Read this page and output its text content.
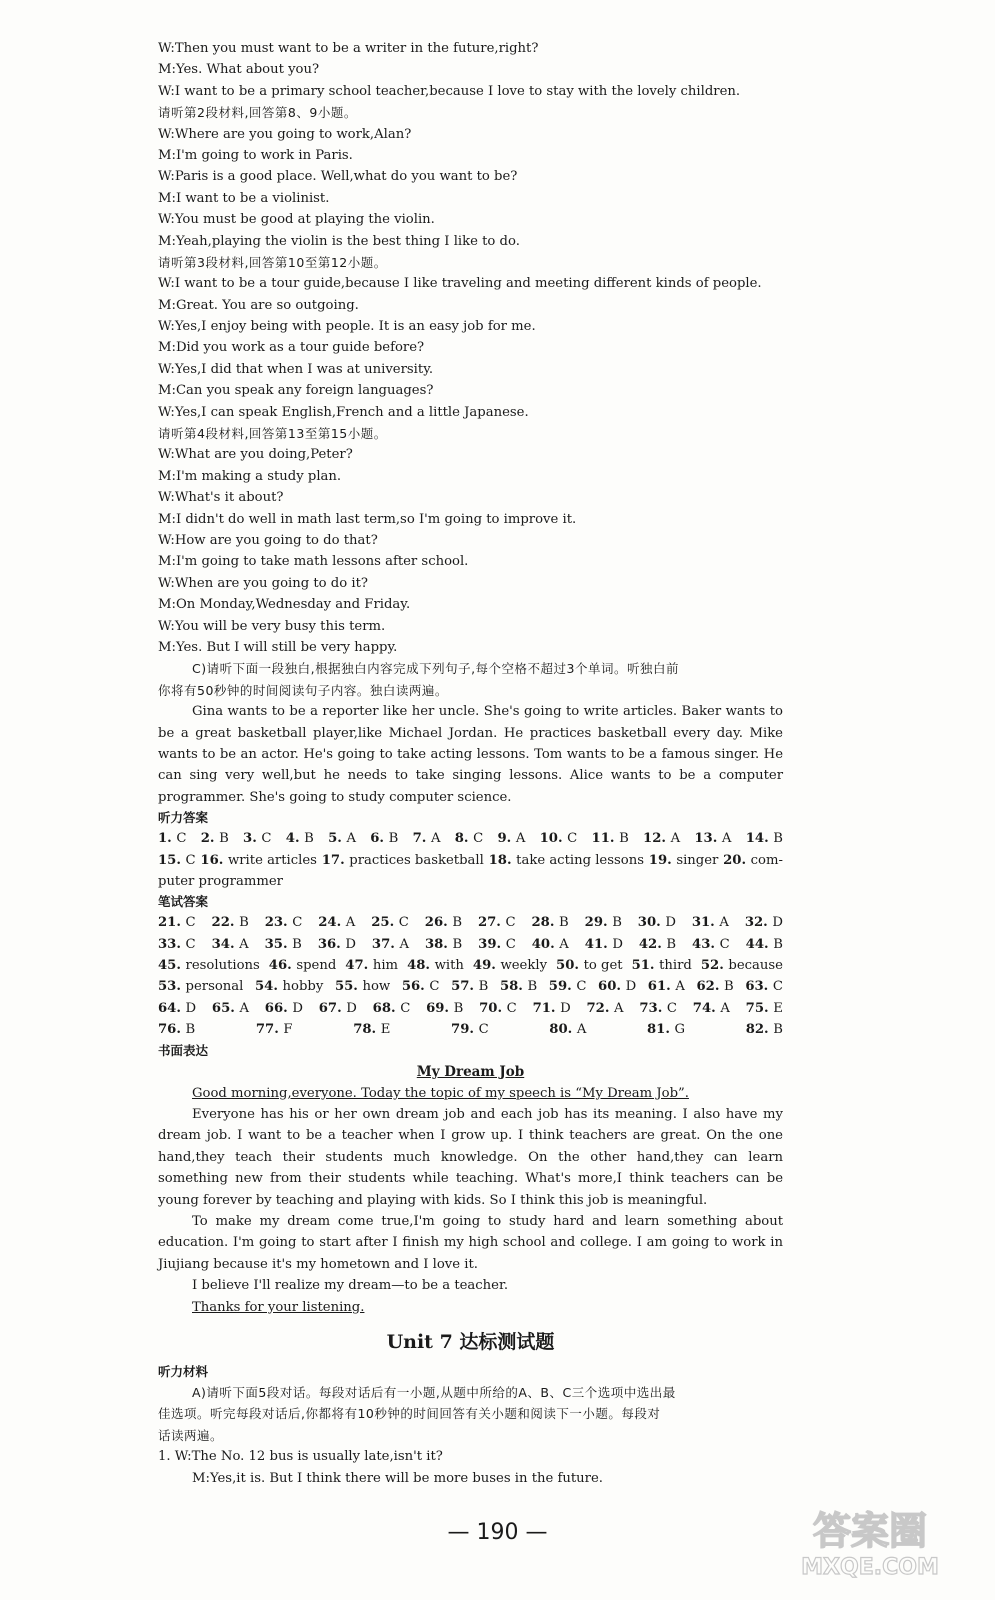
W:Then you must want to be a writer in the future,right?
M:Yes. What about you?
W:I want to be a primary school teacher,because I love to stay with the lovely children.
请听第2段材料,回答第8、9小题。
W:Where are you going to work,Alan?
M:I'm going to work in Paris.
W:Paris is a good place. Well,what do you want to be?
M:I want to be a violinist.
W:You must be good at playing the violin.
M:Yeah,playing the violin is the best thing I like to do.
请听第3段材料,回答第10至第12小题。
W:I want to be a tour guide,because I like traveling and meeting different kinds of people.
M:Great. You are so outgoing.
W:Yes,I enjoy being with people. It is an easy job for me.
M:Did you work as a tour guide before?
W:Yes,I did that when I was at university.
M:Can you speak any foreign languages?
W:Yes,I can speak English,French and a little Japanese.
请听第4段材料,回答第13至第15小题。
W:What are you doing,Peter?
M:I'm making a study plan.
W:What's it about?
M:I didn't do well in math last term,so I'm going to improve it.
W:How are you going to do that?
M:I'm going to take math lessons after school.
W:When are you going to do it?
M:On Monday,Wednesday and Friday.
W:You will be very busy this term.
M:Yes. But I will still be very happy.
C)请听下面一段独白,根据独白内容完成下列句子,每个空格不超过3个单词。听独白前
你将有50秒钟的时间阅读句子内容。独白读两遍。
Gina wants to be a reporter like her uncle. She's going to write articles. Baker wants to be a great basketball player,like Michael Jordan. He practices basketball every day. Mike wants to be an actor. He's going to take acting lessons. Tom wants to be a famous singer. He can sing very well,but he needs to take singing lessons. Alice wants to be a computer programmer. She's going to study computer science.
听力答案
1. C 2. B 3. C 4. B 5. A 6. B 7. A 8. C 9. A 10. C 11. B 12. A 13. A 14. B
15. C 16. write articles 17. practices basketball 18. take acting lessons 19. singer 20. com-
puter programmer
笔试答案
21. C 22. B 23. C 24. A 25. C 26. B 27. C 28. B 29. B 30. D 31. A 32. D
33. C 34. A 35. B 36. D 37. A 38. B 39. C 40. A 41. D 42. B 43. C 44. B
45. resolutions 46. spend 47. him 48. with 49. weekly 50. to get 51. third 52. because
53. personal 54. hobby 55. how 56. C 57. B 58. B 59. C 60. D 61. A 62. B 63. C
64. D 65. A 66. D 67. D 68. C 69. B 70. C 71. D 72. A 73. C 74. A 75. E
76. B	77. F	78. E	79. C	80. A	81. G	82. B
书面表达
My Dream Job
Good morning,everyone. Today the topic of my speech is “My Dream Job”.
Everyone has his or her own dream job and each job has its meaning. I also have my dream job. I want to be a teacher when I grow up. I think teachers are great. On the one hand,they teach their students much knowledge. On the other hand,they can learn something new from their students while teaching. What's more,I think teachers can be young forever by teaching and playing with kids. So I think this job is meaningful.
To make my dream come true,I'm going to study hard and learn something about education. I'm going to start after I finish my high school and college. I am going to work in Jiujiang because it's my hometown and I love it.
I believe I'll realize my dream—to be a teacher.
Thanks for your listening.
Unit 7 达标测试题
听力材料
A)请听下面5段对话。每段对话后有一小题,从题中所给的A、B、C三个选项中选出最
佳选项。听完每段对话后,你都将有10秒钟的时间回答有关小题和阅读下一小题。每段对
话读两遍。
1. W:The No. 12 bus is usually late,isn't it?
M:Yes,it is. But I think there will be more buses in the future.
— 190 —	答案圈
MXQE.COM
